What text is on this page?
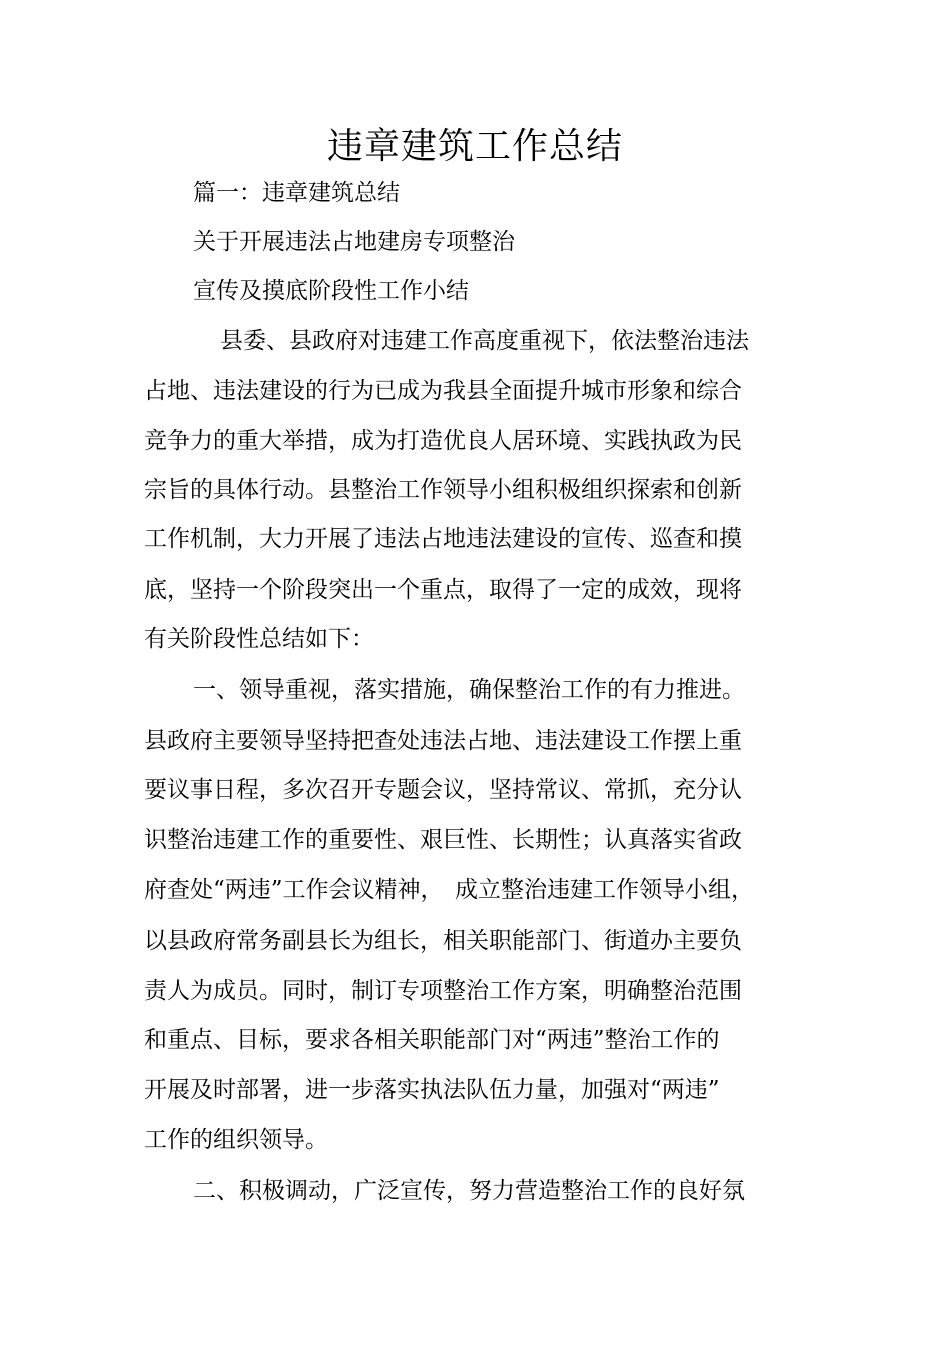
违章建筑工作总结
篇一：违章建筑总结
关于开展违法占地建房专项整治
宣传及摸底阶段性工作小结
县委、县政府对违建工作高度重视下，依法整治违法
占地、违法建设的行为已成为我县全面提升城市形象和综合
竞争力的重大举措，成为打造优良人居环境、实践执政为民
宗旨的具体行动。县整治工作领导小组积极组织探索和创新
工作机制，大力开展了违法占地违法建设的宣传、巡查和摸
底，坚持一个阶段突出一个重点，取得了一定的成效，现将
有关阶段性总结如下：
一、领导重视，落实措施，确保整治工作的有力推进。
县政府主要领导坚持把查处违法占地、违法建设工作摆上重
要议事日程，多次召开专题会议，坚持常议、常抓，充分认
识整治违建工作的重要性、艰巨性、长期性；认真落实省政
府查处“两违”工作会议精神，　成立整治违建工作领导小组，
以县政府常务副县长为组长，相关职能部门、街道办主要负
责人为成员。同时，制订专项整治工作方案，明确整治范围
和重点、目标，要求各相关职能部门对“两违”整治工作的
开展及时部署，进一步落实执法队伍力量，加强对“两违”
工作的组织领导。
二、积极调动，广泛宣传，努力营造整治工作的良好氛
